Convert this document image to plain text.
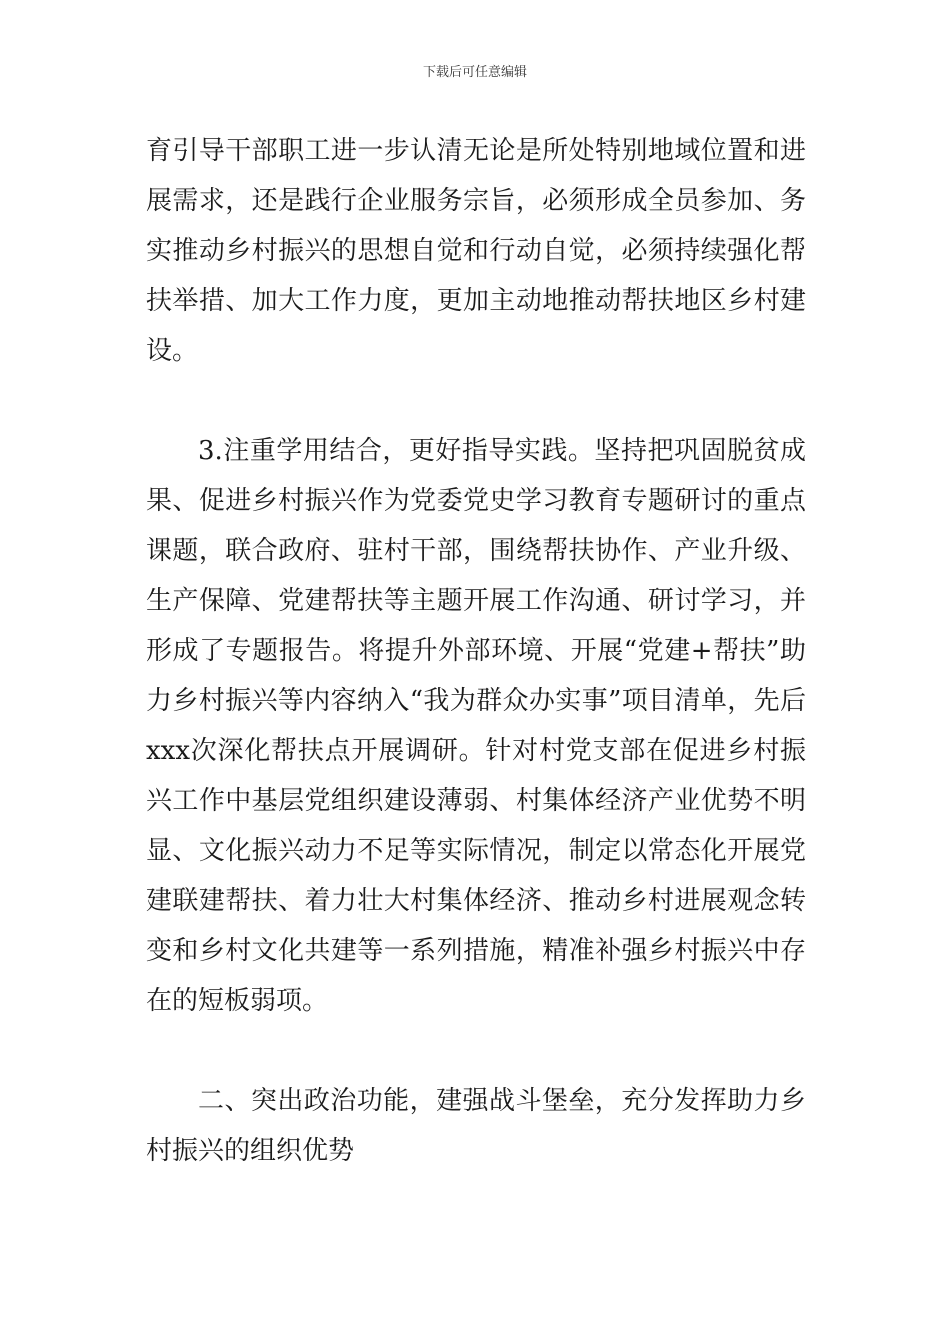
下载后可任意编辑

育引导干部职工进一步认清无论是所处特别地域位置和进展需求，还是践行企业服务宗旨，必须形成全员参加、务实推动乡村振兴的思想自觉和行动自觉，必须持续强化帮扶举措、加大工作力度，更加主动地推动帮扶地区乡村建设。

3.注重学用结合，更好指导实践。坚持把巩固脱贫成果、促进乡村振兴作为党委党史学习教育专题研讨的重点课题，联合政府、驻村干部，围绕帮扶协作、产业升级、生产保障、党建帮扶等主题开展工作沟通、研讨学习，并形成了专题报告。将提升外部环境、开展“党建+帮扶”助力乡村振兴等内容纳入“我为群众办实事”项目清单，先后xxx次深化帮扶点开展调研。针对村党支部在促进乡村振兴工作中基层党组织建设薄弱、村集体经济产业优势不明显、文化振兴动力不足等实际情况，制定以常态化开展党建联建帮扶、着力壮大村集体经济、推动乡村进展观念转变和乡村文化共建等一系列措施，精准补强乡村振兴中存在的短板弱项。

二、突出政治功能，建强战斗堡垒，充分发挥助力乡村振兴的组织优势
